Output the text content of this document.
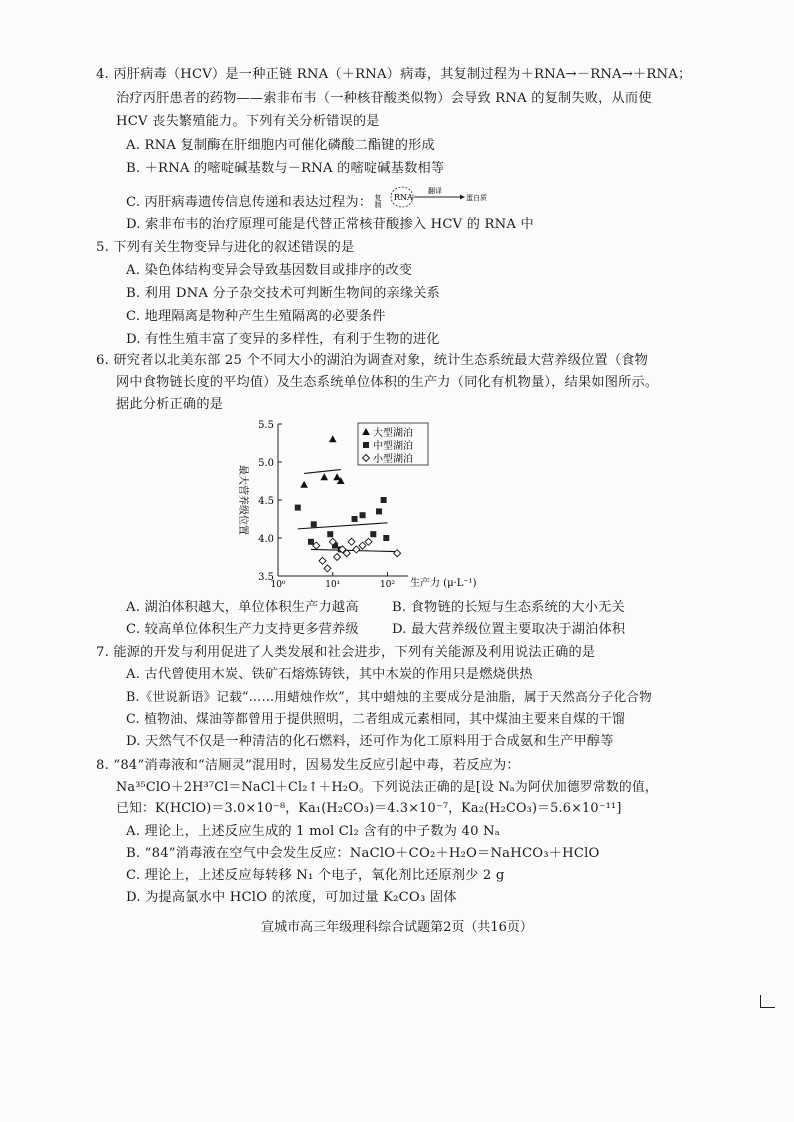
4. 丙肝病毒（HCV）是一种正链 RNA（＋RNA）病毒，其复制过程为＋RNA→－RNA→＋RNA；
治疗丙肝患者的药物——索非布韦（一种核苷酸类似物）会导致 RNA 的复制失败，从而使
HCV 丧失繁殖能力。下列有关分析错误的是
A. RNA 复制酶在肝细胞内可催化磷酸二酯键的形成
B. ＋RNA 的嘧啶碱基数与－RNA 的嘧啶碱基数相等
C. 丙肝病毒遗传信息传递和表达过程为： 复制 RNA
翻译
蛋白质
D. 索非布韦的治疗原理可能是代替正常核苷酸掺入 HCV 的 RNA 中
5. 下列有关生物变异与进化的叙述错误的是
A. 染色体结构变异会导致基因数目或排序的改变
B. 利用 DNA 分子杂交技术可判断生物间的亲缘关系
C. 地理隔离是物种产生生殖隔离的必要条件
D. 有性生殖丰富了变异的多样性，有利于生物的进化
6. 研究者以北美东部 25 个不同大小的湖泊为调查对象，统计生态系统最大营养级位置（食物
网中食物链长度的平均值）及生态系统单位体积的生产力（同化有机物量），结果如图所示。
据此分析正确的是
3.5
4.0
4.5
5.0
5.5
10⁰	10¹	10²
最大营养级位置
生产力 (μ·L⁻¹)
大型湖泊
中型湖泊
小型湖泊
A. 湖泊体积越大，单位体积生产力越高	B. 食物链的长短与生态系统的大小无关
C. 较高单位体积生产力支持更多营养级	D. 最大营养级位置主要取决于湖泊体积
7. 能源的开发与利用促进了人类发展和社会进步，下列有关能源及利用说法正确的是
A. 古代曾使用木炭、铁矿石熔炼铸铁，其中木炭的作用只是燃烧供热
B.《世说新语》记载“……用蜡烛作炊”，其中蜡烛的主要成分是油脂，属于天然高分子化合物
C. 植物油、煤油等都曾用于提供照明，二者组成元素相同，其中煤油主要来自煤的干馏
D. 天然气不仅是一种清洁的化石燃料，还可作为化工原料用于合成氨和生产甲醇等
8. “84”消毒液和“洁厕灵”混用时，因易发生反应引起中毒，若反应为：
Na³⁵ClO＋2H³⁷Cl＝NaCl＋Cl₂↑＋H₂O。下列说法正确的是[设 Nₐ为阿伏加德罗常数的值，
已知：K(HClO)＝3.0×10⁻⁸，Ka₁(H₂CO₃)＝4.3×10⁻⁷，Ka₂(H₂CO₃)＝5.6×10⁻¹¹]
A. 理论上，上述反应生成的 1 mol Cl₂ 含有的中子数为 40 Nₐ
B. “84”消毒液在空气中会发生反应：NaClO＋CO₂＋H₂O＝NaHCO₃＋HClO
C. 理论上，上述反应每转移 N₁ 个电子，氧化剂比还原剂少 2 g
D. 为提高氯水中 HClO 的浓度，可加过量 K₂CO₃ 固体
宣城市高三年级理科综合试题第2页（共16页）
